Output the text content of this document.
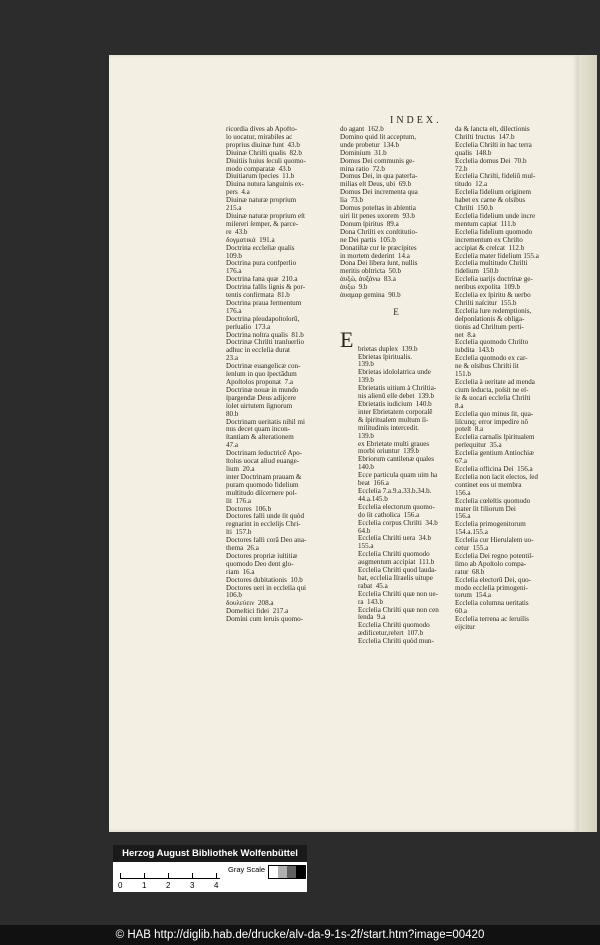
INDEX.
ricordia dives ab Apofto-
lo uocatur, mirabiles ac
proprius diuinæ funt  43.b
Diuinæ Chriſti qualis  82.b
Diuitiis huius ſeculi quomo-
modo comparatæ  43.b
Diuitiarum ſpecies  11.b
Diuina nutura languinis ex-
pers  4.a
Diuinæ naturæ proprium
215.a
Diuinæ naturæ proprium eſt
miſereri ſemper, & parce-
re  43.b
δογματικά  191.a
Doctrina eccleſiæ qualis
109.b
Doctrina pura confperſio
176.a
Doctrina fana quæ  210.a
Doctrina falſis ſignis & por-
tentis confirmata  81.b
Doctrina praua fermentum
176.a
Doctrina pſeudapoſtolorū,
perſuaſio  173.a
Doctrina noſtra qualis  81.b
Doctrinæ Chriſti tranſuerſio
adhuc in eccleſia durat
23.a
Doctrinæ euangelicæ con-
ſenſum in quo ſpectādum
Apoſtolos proponat  7.a
Doctrinæ nouæ in mundo
ſpargendæ Deus adijcere
ſolet uirtutem ſignorum
80.b
Doctrinam ueritatis nihil mi
nus decet quam incon-
ſtantiam & alterationem
47.a
Doctrinam ſeductricē Apo-
ſtolus uocat aliud euange-
lium  20.a
inter Doctrinam prauam &
puram quomodo fidelium
multitudo diſcernere poſ-
ſit  176.a
Doctores  106.b
Doctores falſi unde ſit quòd
regnarint in eccleſijs Chri-
ſti  157.b
Doctores falſi corā Deo ana-
thema  26.a
Doctores propriæ iuſtitiæ
quomodo Deo dent glo-
riam  16.a
Doctores dubitationis  10.b
Doctores ueri in eccleſia qui
106.b
δουλεύειν  208.a
Domeſtici fidei  217.a
Domini cum ſeruis quomo-
do agant  162.b
Domino quid ſit acceptum,
unde probetur  134.b
Dominium  31.b
Domus Dei communis ge-
mina ratio  72.b
Domus Dei, in qua paterfa-
milias eſt Deus, ubi  69.b
Domus Dei incrementa qua
lia  73.b
Domus poteſtas in abſentia
uiri ſit penes uxorem  93.b
Donum ſpiritus  89.a
Dona Chriſti ex conſtitutio-
ne Dei partis  105.b
Donatiſtæ cur ſe præcipites
in mortem dederint  14.a
Dona Dei libera ſunt, nullis
meritis obſtricta  50.b
ἀυξώ, ἀυξάνω  83.a
ἀυξω  9.b
ἀυαμαρ gemina  90.b
E

E

brietas duplex  139.b
Ebrietas ſpiritualis.
139.b
Ebrietas idololatrica unde
139.b
Ebrietatis uitium à Chriſtia-
nis alienū eſſe debet  139.b
Ebrietatis iudicium  140.b
inter Ebrietatem corporalē
& ſpiritualem multum ſi-
militudinis intercedit.
139.b
ex Ebrietate multi graues
morbi oriuntur  139.b
Ebriorum cantilenæ quales
140.b
Ecce particula quam uim ha
beat  166.a
Eccleſia 7.a.9.a.33.b.34.b.
44.a.145.b
Eccleſia electorum quomo-
do ſit catholica  156.a
Eccleſia corpus Chriſti  34.b
64.b
Eccleſia Chriſti uera  34.b
155.a
Eccleſia Chriſti quomodo
augmentum accipiat  111.b
Eccleſia Chriſti quod lauda-
bat, eccleſia Iſraelis uitupe
rabat  45.a
Eccleſia Chriſti quæ non ue-
ra  143.b
Eccleſia Chriſti quæ non cen
ſenda  9.a
Eccleſia Chriſti quomodo
ædificetur,refert  107.b
Eccleſia Chriſti quòd mun-

da & ſancta eſt, dilectionis
Chriſti fructus  147.b
Eccleſia Chriſti in hac terra
qualis  148.b
Eccleſia domus Dei  70.b
72.b
Eccleſia Chriſti, fideliū mul-
titudo  12.a
Eccleſia fidelium originem
habet ex carne & oſsibus
Chriſti  150.b
Eccleſia fidelium unde incre
mentum capiat  111.b
Eccleſia fidelium quomodo
incrementum ex Chriſto
accipiat & creſcat  112.b
Eccleſia mater fidelium 155.a
Eccleſia multitudo Chriſti
fidelium  150.b
Eccleſia uarijs doctrinæ ge-
neribus expoſita  109.b
Eccleſia ex ſpiritu & uerbo
Chriſti naſcitur  155.b
Eccleſia ſure redemptionis,
deſponſationis & obliga-
tionis ad Chriſtum perti-
net  8.a
Eccleſia quomodo Chriſto
ſubdita  143.b
Eccleſia quomodo ex car-
ne & oſsibus Chriſti ſit
151.b
Eccleſia à ueritate ad menda
cium ſeducta, poſsit ne eſ-
ſe & uocari eccleſia Chriſti
8.a
Eccleſia quo minus ſit, qua-
liſcunq; error impedire nō
poteſt  8.a
Eccleſia carnalis ſpiritualem
perſequitur  35.a
Eccleſia gentium Antiochiæ
67.a
Eccleſia officina Dei  156.a
Eccleſia non ſacit electos, ſed
continet eos ut membra
156.a
Eccleſia cœleſtis quomodo
mater ſit filiorum Dei
156.a
Eccleſia primogenitorum
154.a.155.a
Eccleſia cur Hieruſalem uo-
cetur  155.a
Eccleſia Dei regno potentiſ-
ſimo ab Apoſtolo compa-
ratur  68.b
Eccleſia electorū Dei, quo-
modo eccleſia primogeni-
torum  154.a
Eccleſia columna ueritatis
60.a
Eccleſia terrena ac ſeruilis
eijcitur
Herzog August Bibliothek Wolfenbüttel
0 1 2 3 4
Gray Scale
© HAB http://diglib.hab.de/drucke/alv-da-9-1s-2f/start.htm?image=00420
